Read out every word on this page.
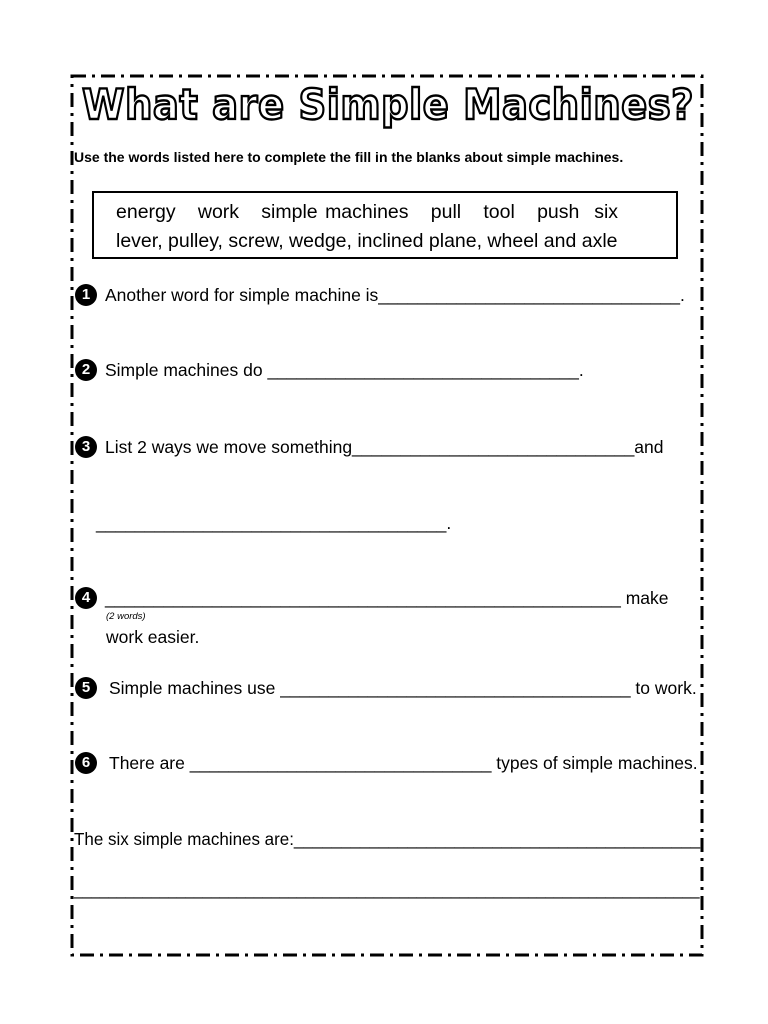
What are Simple Machines?
Use the words listed here to complete the fill in the blanks about simple machines.
energy   work   simple machines   pull   tool   push  six
lever, pulley, screw, wedge, inclined plane, wheel and axle
1 Another word for simple machine is_______________________________.
2 Simple machines do ________________________________.
3 List 2 ways we move something_____________________________and
____________________________________.
4 _____________________________________________________ make
(2 words)
work easier.
5	Simple machines use ____________________________________ to work.
6	There are _______________________________ types of simple machines.
The six simple machines are:___________________________________________
_________________________________________________________________________
